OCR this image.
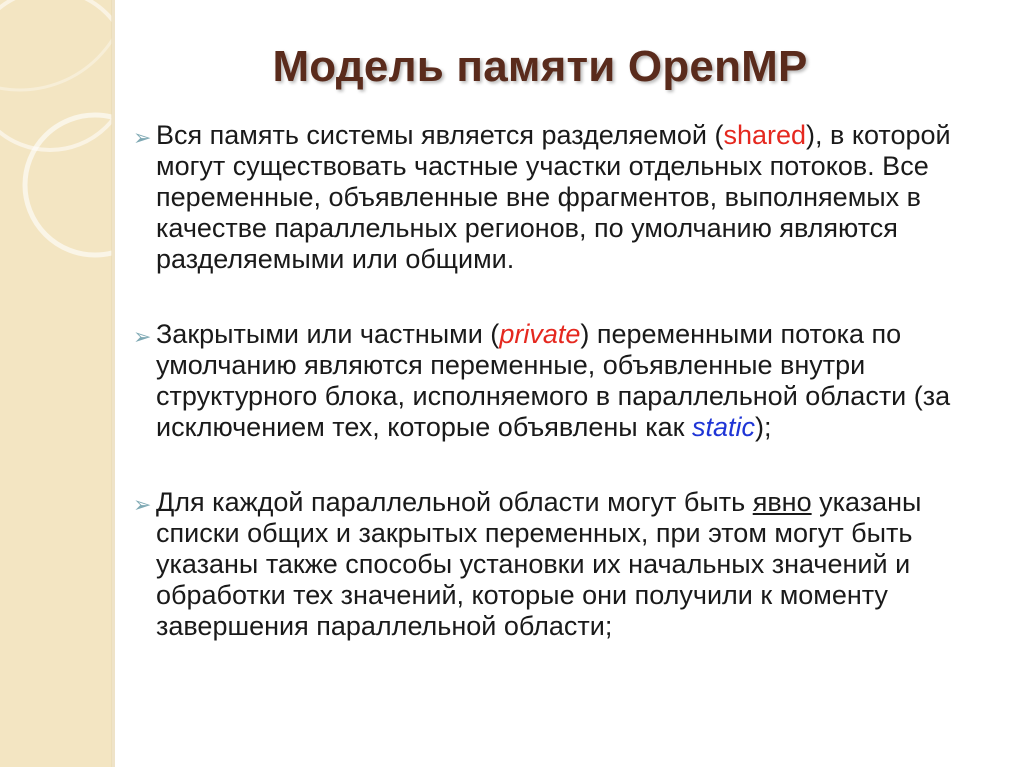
Модель памяти OpenMP
➢ Вся память системы является разделяемой (shared), в которой могут существовать частные участки отдельных потоков. Все переменные, объявленные вне фрагментов, выполняемых в качестве параллельных регионов, по умолчанию являются разделяемыми или общими.
➢ Закрытыми или частными (private) переменными потока по умолчанию являются переменные, объявленные внутри структурного блока, исполняемого в параллельной области (за исключением тех, которые объявлены как static);
➢ Для каждой параллельной области могут быть явно указаны списки общих и закрытых переменных, при этом могут быть указаны также способы установки их начальных значений и обработки тех значений, которые они получили к моменту завершения параллельной области;
